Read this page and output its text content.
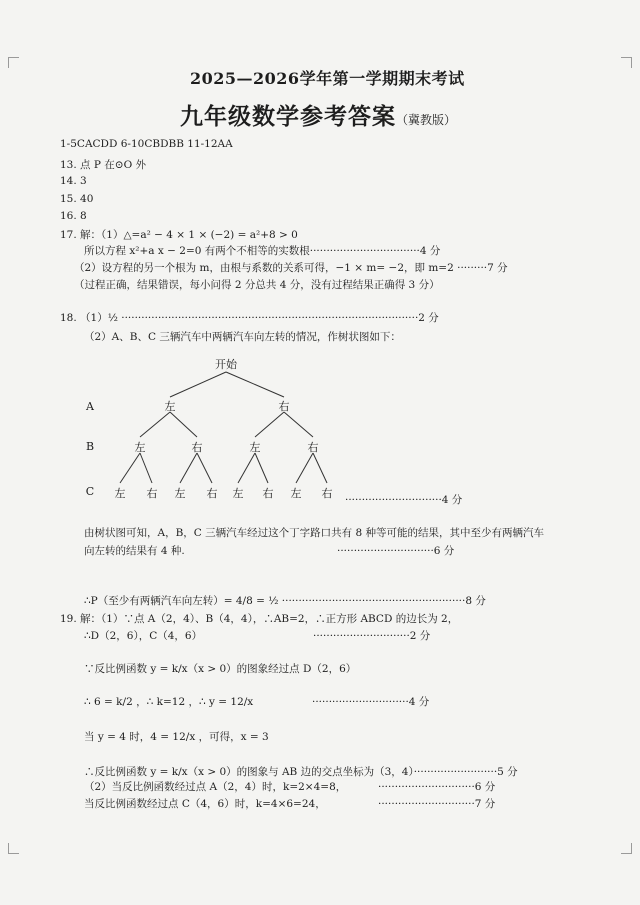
2025—2026学年第一学期期末考试
九年级数学参考答案（冀教版）
1-5CACDD 6-10CBDBB 11-12AA
13. 点 P 在⊙O 外
14. 3
15. 40
16. 8
17. 解：（1）△=a² − 4 × 1 × (−2) = a²+8 > 0
所以方程 x²+a x − 2=0 有两个不相等的实数根·································4 分
（2）设方程的另一个根为 m，由根与系数的关系可得，−1 × m= −2，即 m=2 ·········7 分
（过程正确，结果错误，每小问得 2 分总共 4 分，没有过程结果正确得 3 分）
18. （1）½ ·························································································2 分
（2）A、B、C 三辆汽车中两辆汽车向左转的情况，作树状图如下：
开始
A
B
C
左	右
左	右	左	右
左 右 左 右 左 右 左 右 ·····························4 分
由树状图可知，A，B，C 三辆汽车经过这个丁字路口共有 8 种等可能的结果，其中至少有两辆汽车
向左转的结果有 4 种.	·····························6 分
∴P（至少有两辆汽车向左转）= 4/8 = ½ ·······················································8 分
19. 解：（1）∵点 A（2，4）、B（4，4），∴AB=2，∴正方形 ABCD 的边长为 2，
∴D（2，6），C（4，6）	·····························2 分
∵反比例函数 y = k/x（x > 0）的图象经过点 D（2，6）
∴ 6 = k/2 ，∴ k=12 ，∴ y = 12/x	·····························4 分
当 y = 4 时，4 = 12/x ，可得，x = 3
∴反比例函数 y = k/x（x > 0）的图象与 AB 边的交点坐标为（3，4）·························5 分
（2）当反比例函数经过点 A（2，4）时，k=2×4=8，	·····························6 分
当反比例函数经过点 C（4，6）时，k=4×6=24，	·····························7 分
